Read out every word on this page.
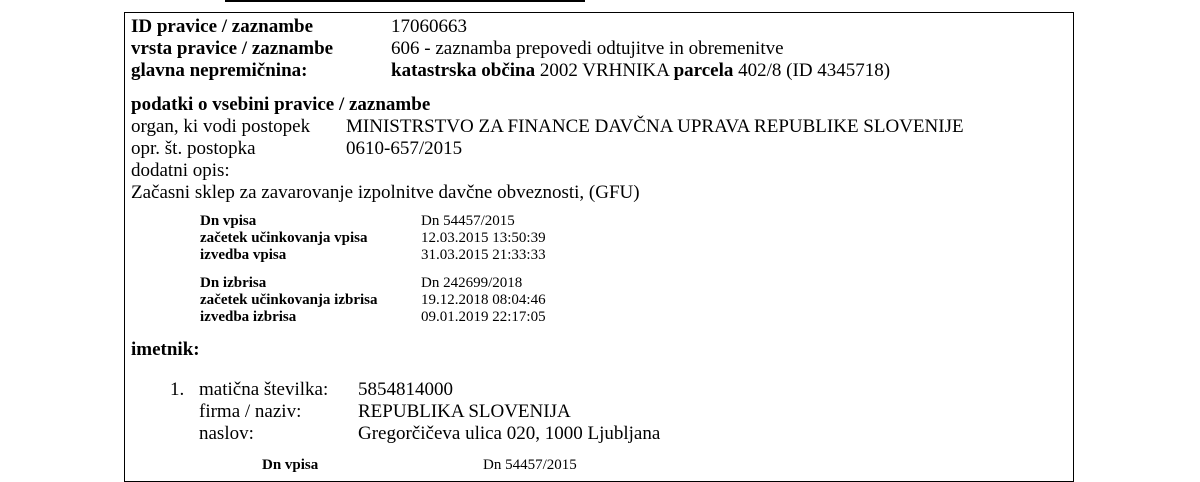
ID pravice / zaznambe	17060663
vrsta pravice / zaznambe	606 - zaznamba prepovedi odtujitve in obremenitve
glavna nepremičnina:	katastrska občina 2002 VRHNIKA parcela 402/8 (ID 4345718)
podatki o vsebini pravice / zaznambe
organ, ki vodi postopek MINISTRSTVO ZA FINANCE DAVČNA UPRAVA REPUBLIKE SLOVENIJE
opr. št. postopka	0610-657/2015
dodatni opis:
Začasni sklep za zavarovanje izpolnitve davčne obveznosti, (GFU)
Dn vpisa	Dn 54457/2015
začetek učinkovanja vpisa	12.03.2015 13:50:39
izvedba vpisa	31.03.2015 21:33:33
Dn izbrisa	Dn 242699/2018
začetek učinkovanja izbrisa	19.12.2018 08:04:46
izvedba izbrisa	09.01.2019 22:17:05
imetnik:
1. matična številka: 5854814000
firma / naziv:	REPUBLIKA SLOVENIJA
naslov:	Gregorčičeva ulica 020, 1000 Ljubljana
Dn vpisa	Dn 54457/2015
